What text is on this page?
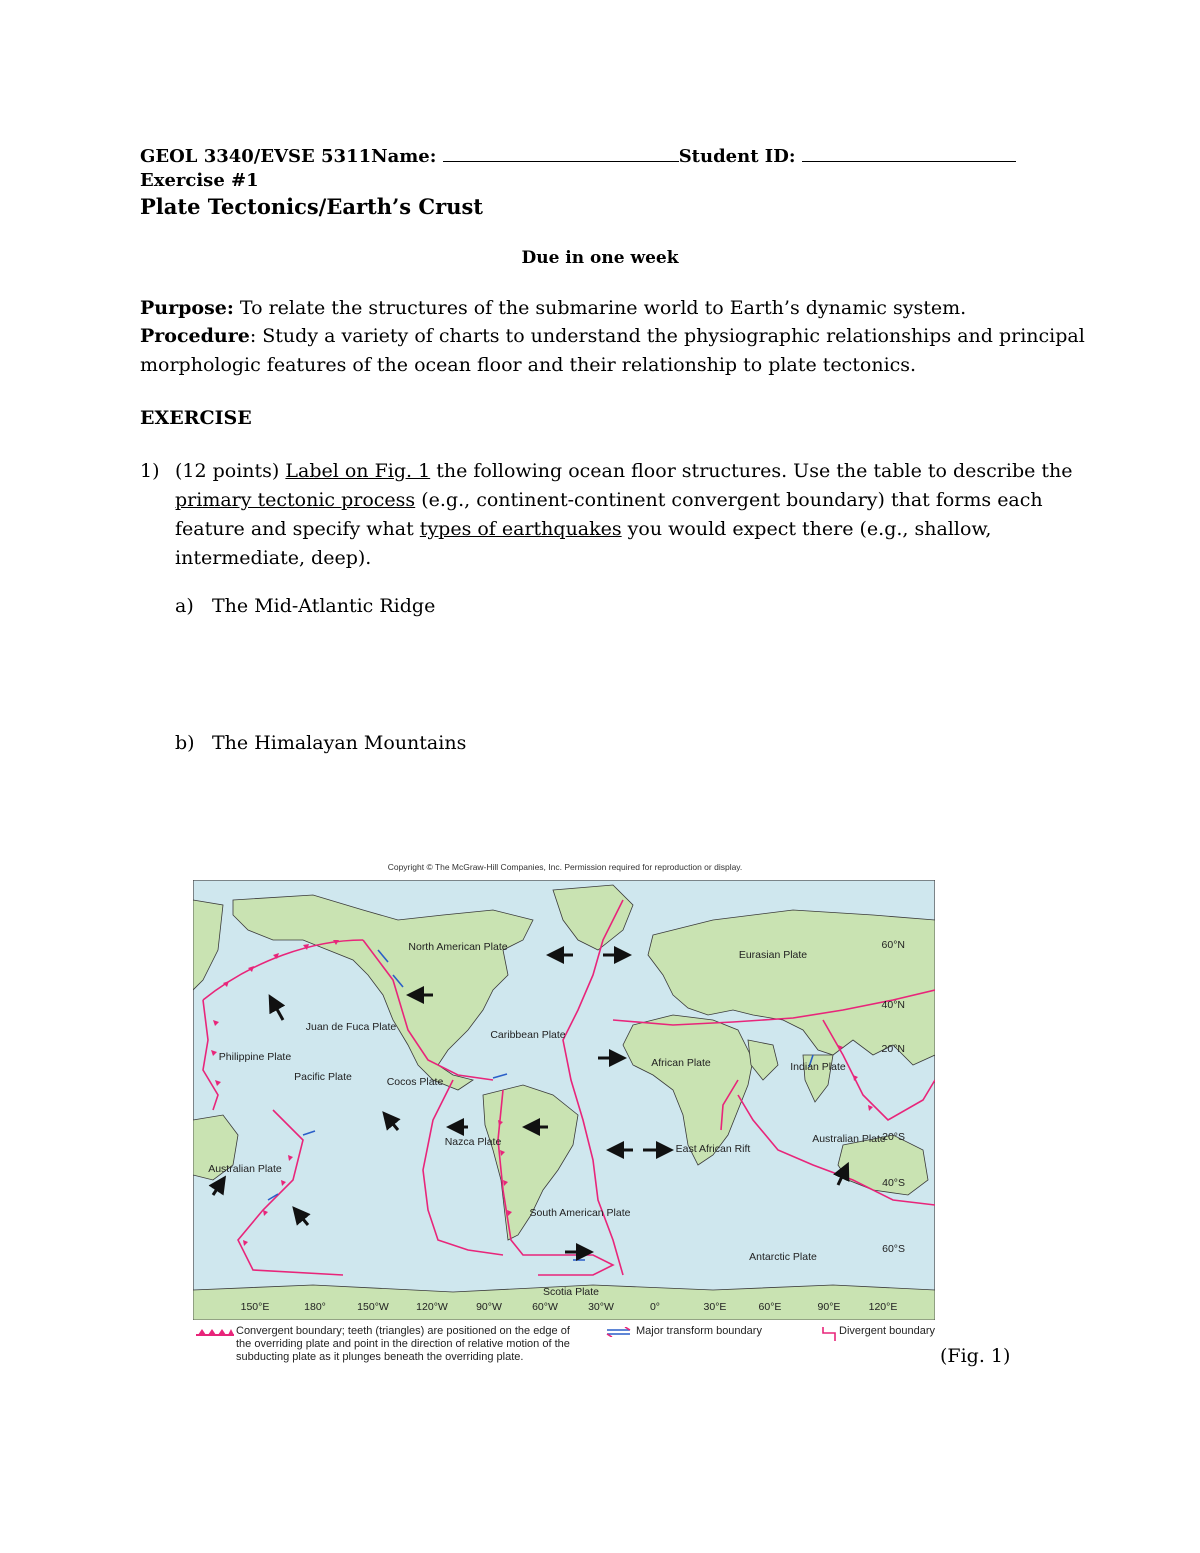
GEOL 3340/EVSE 5311Name:	Student ID:
Exercise #1
Plate Tectonics/Earth’s Crust
Due in one week
Purpose: To relate the structures of the submarine world to Earth’s dynamic system.
Procedure: Study a variety of charts to understand the physiographic relationships and principal
morphologic features of the ocean floor and their relationship to plate tectonics.
EXERCISE
1) (12 points) Label on Fig. 1 the following ocean floor structures. Use the table to describe the
primary tectonic process (e.g., continent-continent convergent boundary) that forms each
feature and specify what types of earthquakes you would expect there (e.g., shallow,
intermediate, deep).
a) The Mid-Atlantic Ridge
b) The Himalayan Mountains
Copyright © The McGraw-Hill Companies, Inc. Permission required for reproduction or display.
60°N
40°N
20°N
20°S
40°S
60°S
150°E	180°	150°W	120°W	90°W	60°W	30°W	0°	30°E	60°E	90°E	120°E
North American Plate
Eurasian Plate
Juan de Fuca Plate
Philippine Plate
Pacific Plate
Caribbean Plate
African Plate	Indian Plate
Cocos Plate
Nazca Plate	Australian Plate
Australian Plate
East African Rift
South American Plate
Antarctic Plate
Scotia Plate
Convergent boundary; teeth (triangles) are positioned on the edge of the overriding plate and point in the direction of relative motion of the subducting plate as it plunges beneath the overriding plate.
Major transform boundary	Divergent boundary
(Fig. 1)
